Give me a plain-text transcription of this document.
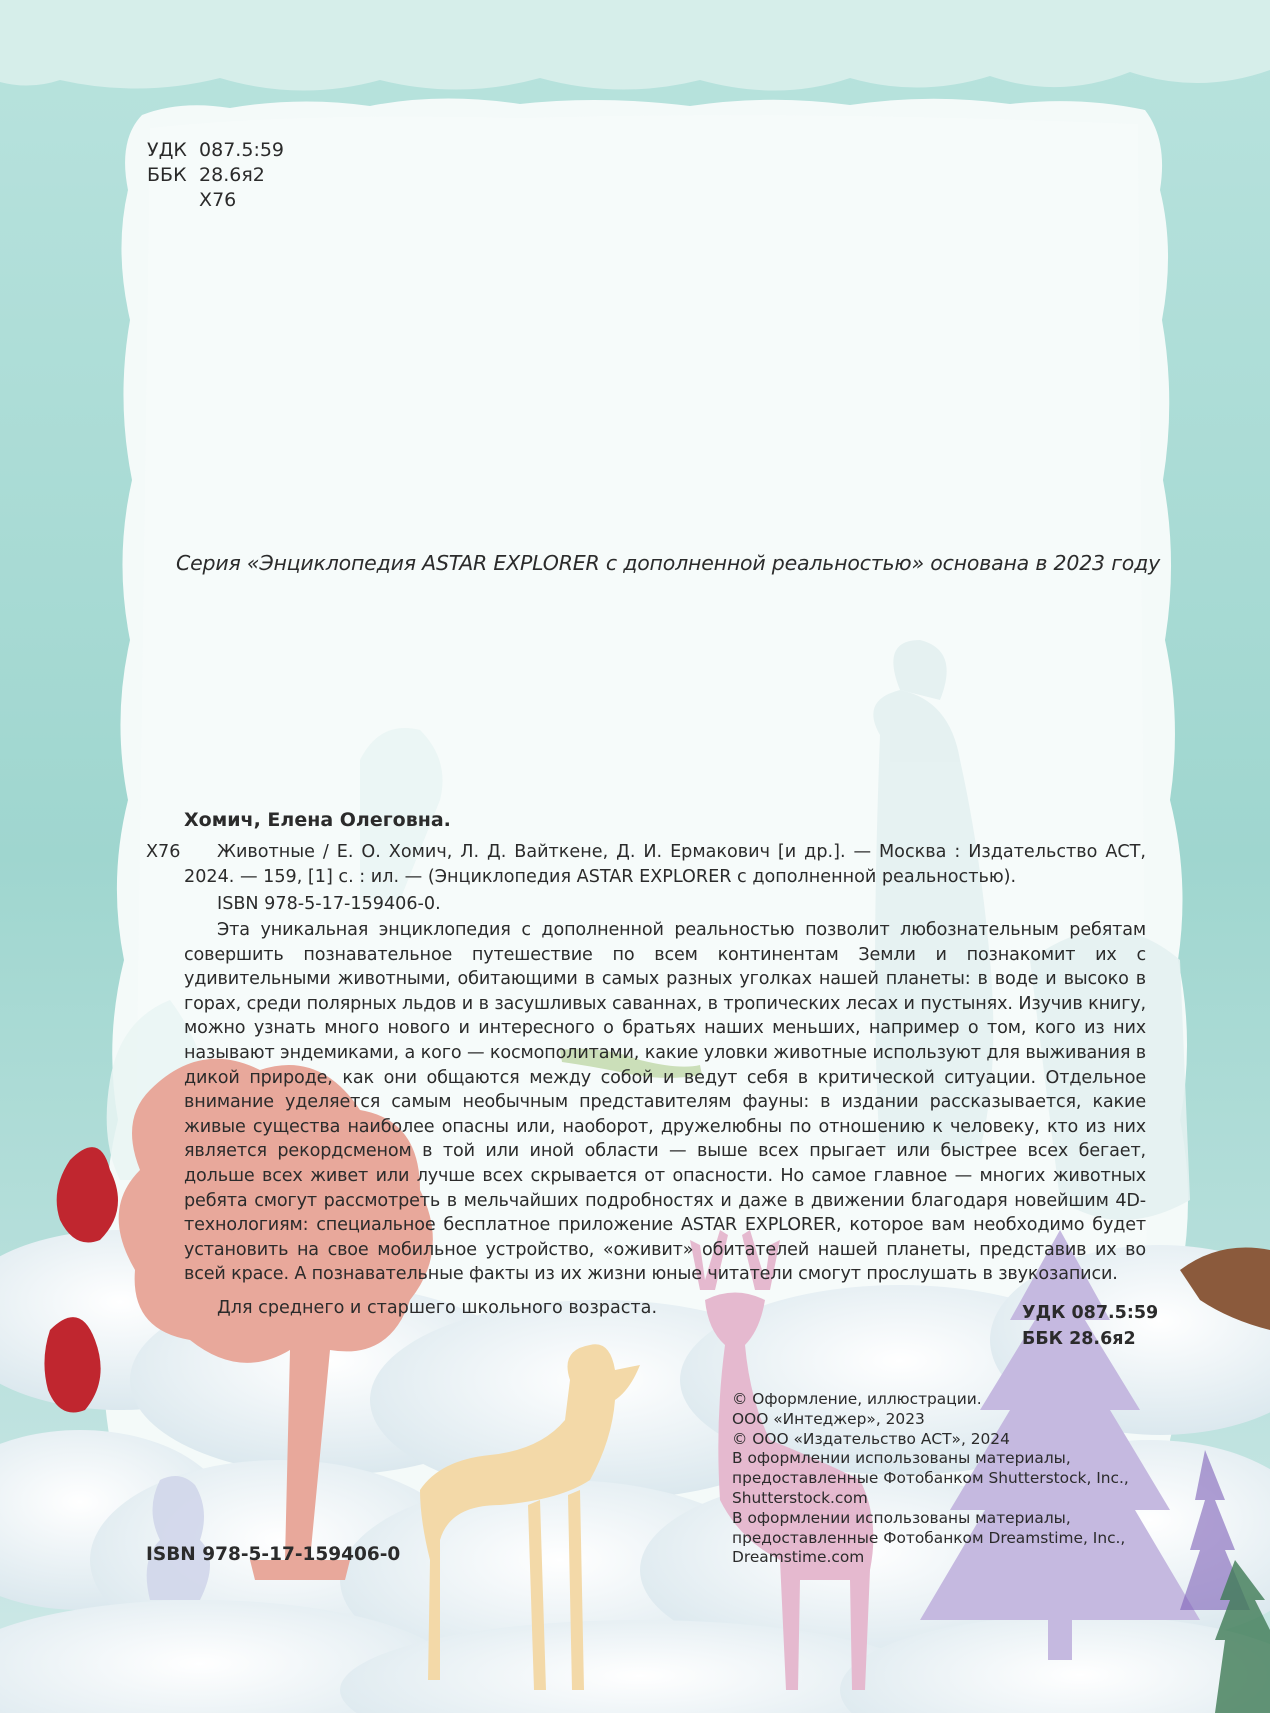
УДК 087.5:59
ББК 28.6я2
Х76
Серия «Энциклопедия ASTAR EXPLORER с дополненной реальностью» основана в 2023 году
Хомич, Елена Олеговна.
Х76	Животные / Е. О. Хомич, Л. Д. Вайткене, Д. И. Ермакович [и др.]. — Москва : Издательство АСТ, 2024. — 159, [1] с. : ил. — (Энциклопедия ASTAR EXPLORER с дополненной реальностью).

ISBN 978-5-17-159406-0.

Эта уникальная энциклопедия с дополненной реальностью позволит любознательным ребятам совершить познавательное путешествие по всем континентам Земли и познакомит их с удивительными животными, обитающими в самых разных уголках нашей планеты: в воде и высоко в горах, среди полярных льдов и в засушливых саваннах, в тропических лесах и пустынях. Изучив книгу, можно узнать много нового и интересного о братьях наших меньших, например о том, кого из них называют эндемиками, а кого — космополитами, какие уловки животные используют для выживания в дикой природе, как они общаются между собой и ведут себя в критической ситуации. Отдельное внимание уделяется самым необычным представителям фауны: в издании рассказывается, какие живые существа наиболее опасны или, наоборот, дружелюбны по отношению к человеку, кто из них является рекордсменом в той или иной области — выше всех прыгает или быстрее всех бегает, дольше всех живет или лучше всех скрывается от опасности. Но самое главное — многих животных ребята смогут рассмотреть в мельчайших подробностях и даже в движении благодаря новейшим 4D-технологиям: специальное бесплатное приложение ASTAR EXPLORER, которое вам необходимо будет установить на свое мобильное устройство, «оживит» обитателей нашей планеты, представив их во всей красе. А познавательные факты из их жизни юные читатели смогут прослушать в звукозаписи.

Для среднего и старшего школьного возраста.	УДК 087.5:59
ББК 28.6я2
© Оформление, иллюстрации.
ООО «Интеджер», 2023
© ООО «Издательство АСТ», 2024
В оформлении использованы материалы,
предоставленные Фотобанком Shutterstock, Inc.,
Shutterstock.com
В оформлении использованы материалы,
предоставленные Фотобанком Dreamstime, Inc.,
Dreamstime.com
ISBN 978-5-17-159406-0
